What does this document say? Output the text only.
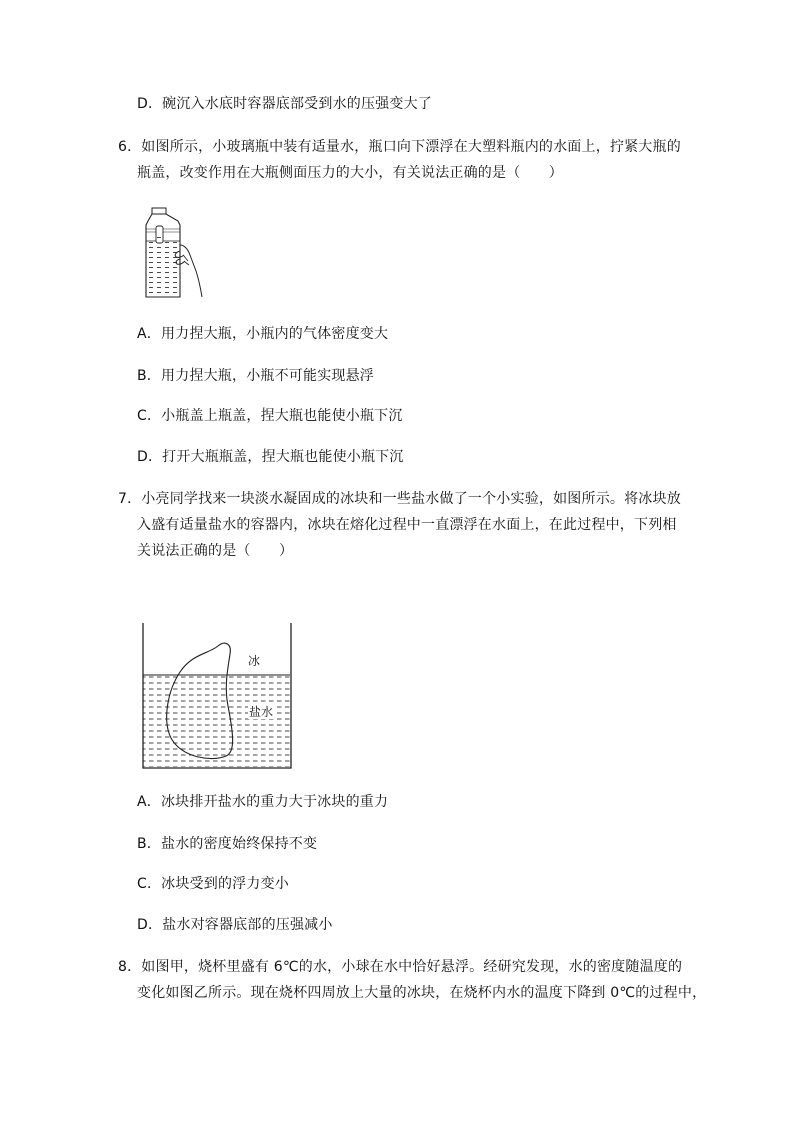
D．碗沉入水底时容器底部受到水的压强变大了
6．如图所示，小玻璃瓶中装有适量水，瓶口向下漂浮在大塑料瓶内的水面上，拧紧大瓶的
瓶盖，改变作用在大瓶侧面压力的大小，有关说法正确的是（　　）
A．用力捏大瓶，小瓶内的气体密度变大
B．用力捏大瓶，小瓶不可能实现悬浮
C．小瓶盖上瓶盖，捏大瓶也能使小瓶下沉
D．打开大瓶瓶盖，捏大瓶也能使小瓶下沉
7．小亮同学找来一块淡水凝固成的冰块和一些盐水做了一个小实验，如图所示。将冰块放
入盛有适量盐水的容器内，冰块在熔化过程中一直漂浮在水面上，在此过程中，下列相
关说法正确的是（　　）
冰
盐水
A．冰块排开盐水的重力大于冰块的重力
B．盐水的密度始终保持不变
C．冰块受到的浮力变小
D．盐水对容器底部的压强减小
8．如图甲，烧杯里盛有 6℃的水，小球在水中恰好悬浮。经研究发现，水的密度随温度的
变化如图乙所示。现在烧杯四周放上大量的冰块，在烧杯内水的温度下降到 0℃的过程中，
